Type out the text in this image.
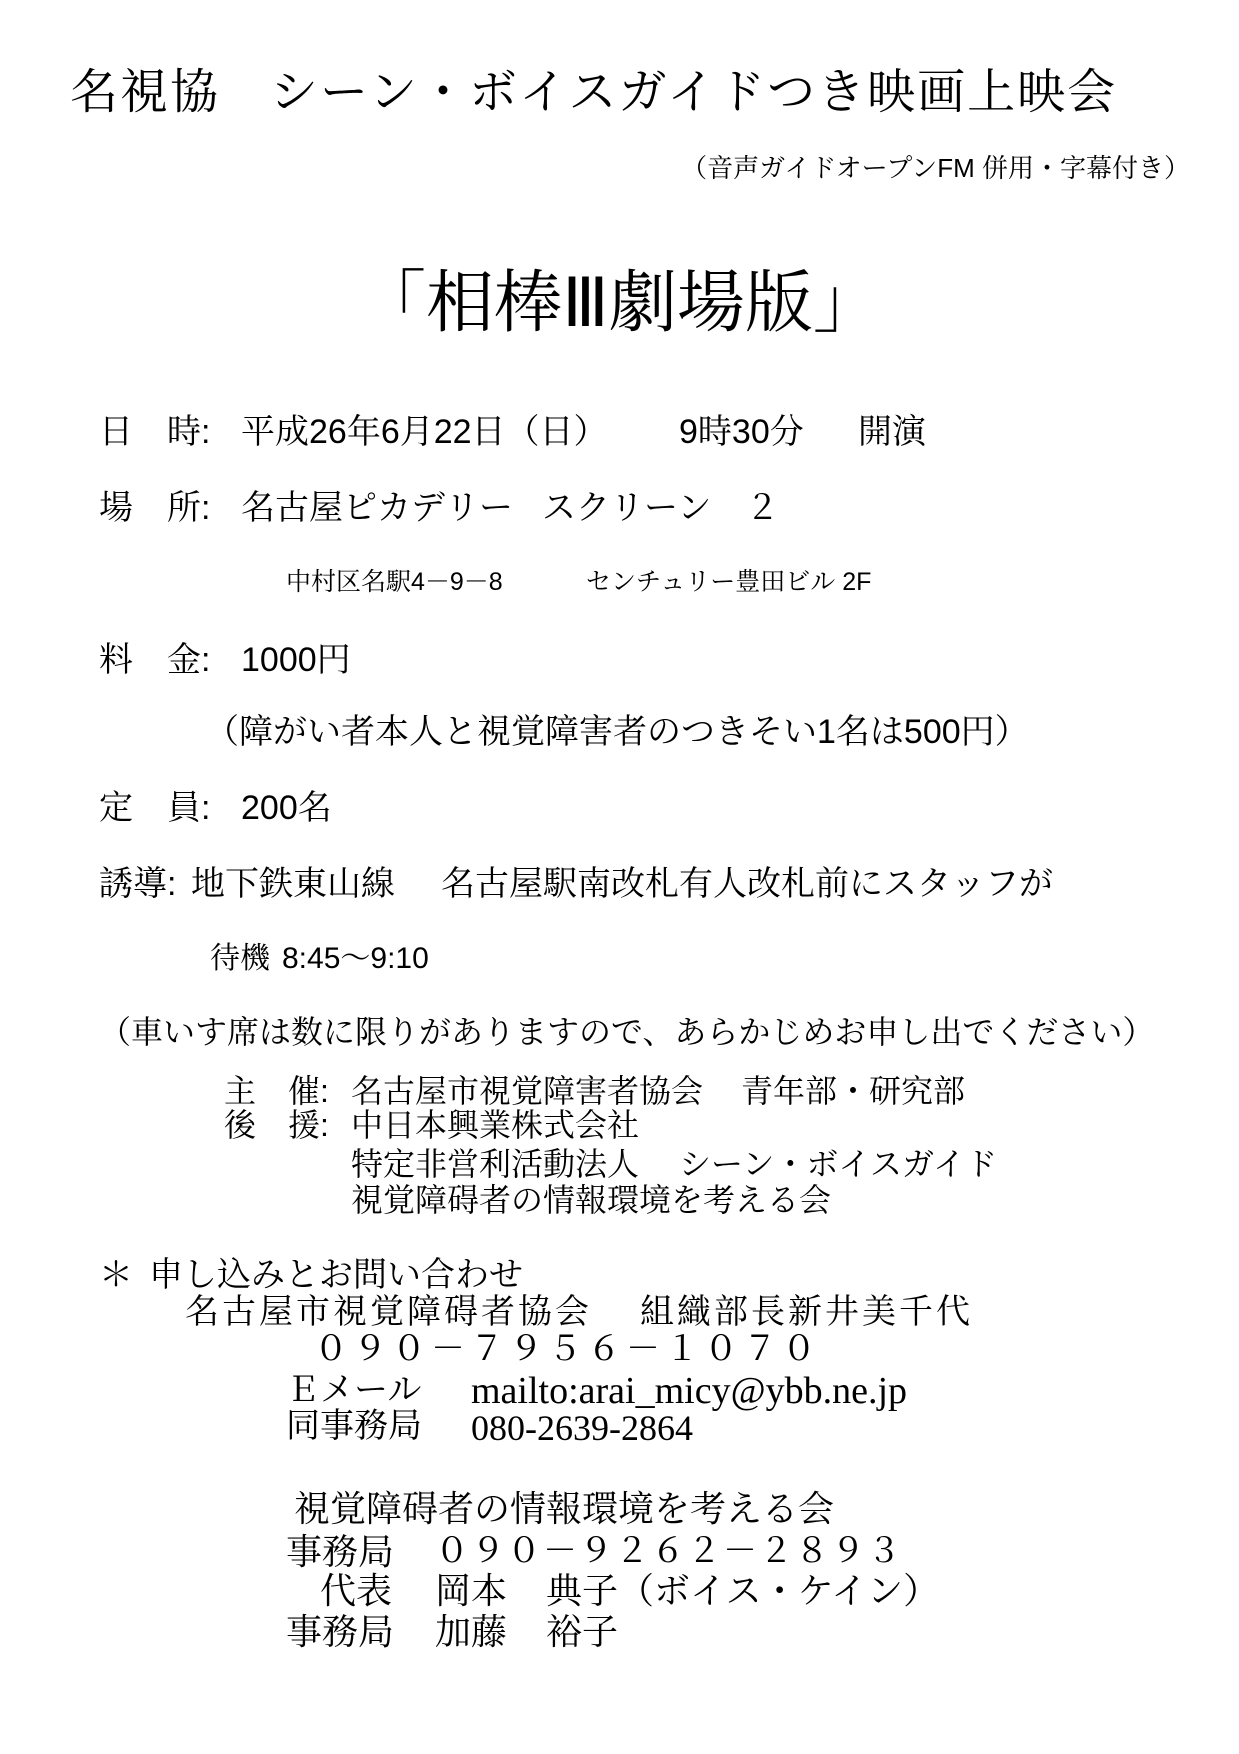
名視協　シーン・ボイスガイドつき映画上映会
（音声ガイドオープンFM 併用・字幕付き）
「相棒Ⅲ劇場版」
日　時: 平成26年6月22日（日） 9時30分 開演
場　所: 名古屋ピカデリー スクリーン　２
中村区名駅4－9－8	センチュリー豊田ビル 2F
料　金: 1000円
（障がい者本人と視覚障害者のつきそい1名は500円）
定　員: 200名
誘導: 地下鉄東山線 名古屋駅南改札有人改札前にスタッフが
待機 8:45～9:10
（車いす席は数に限りがありますので、あらかじめお申し出でください）
主　催: 名古屋市視覚障害者協会 青年部・研究部
後　援: 中日本興業株式会社
特定非営利活動法人 シーン・ボイスガイド
視覚障碍者の情報環境を考える会
＊ 申し込みとお問い合わせ
名古屋市視覚障碍者協会 組織部長新井美千代
０９０－７９５６－１０７０
Ｅメール mailto:arai_micy@ybb.ne.jp
同事務局 080-2639-2864
視覚障碍者の情報環境を考える会
事務局 ０９０－９２６２－２８９３
代表 岡本 典子（ボイス・ケイン）
事務局 加藤 裕子
